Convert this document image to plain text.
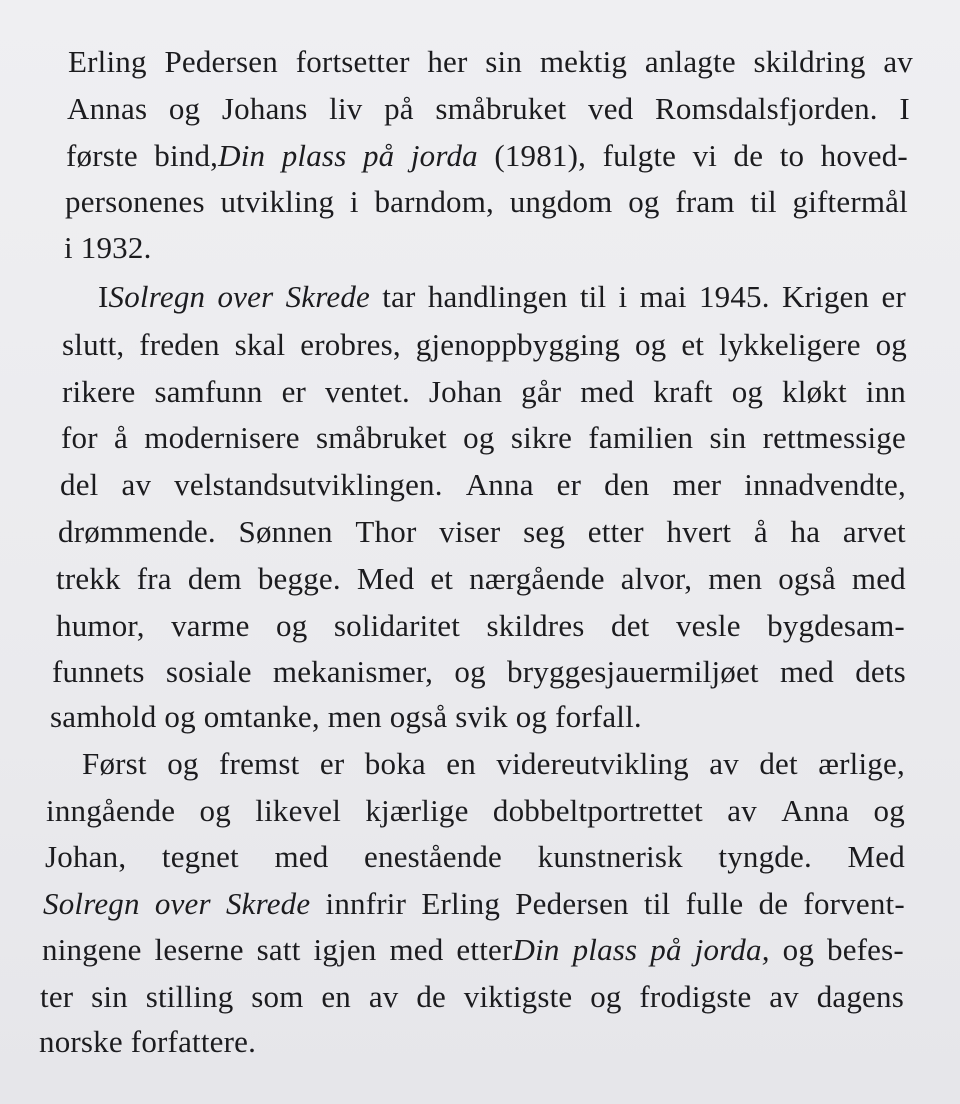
Erling Pedersen fortsetter her sin mektig anlagte skildring av
Annas og Johans liv på småbruket ved Romsdalsfjorden. I
første bind,Din plass på jorda (1981), fulgte vi de to hoved-
personenes utvikling i barndom, ungdom og fram til giftermål
i 1932.
ISolregn over Skrede tar handlingen til i mai 1945. Krigen er
slutt, freden skal erobres, gjenoppbygging og et lykkeligere og
rikere samfunn er ventet. Johan går med kraft og kløkt inn
for å modernisere småbruket og sikre familien sin rettmessige
del av velstandsutviklingen. Anna er den mer innadvendte,
drømmende. Sønnen Thor viser seg etter hvert å ha arvet
trekk fra dem begge. Med et nærgående alvor, men også med
humor, varme og solidaritet skildres det vesle bygdesam-
funnets sosiale mekanismer, og bryggesjauermiljøet med dets
samhold og omtanke, men også svik og forfall.
Først og fremst er boka en videreutvikling av det ærlige,
inngående og likevel kjærlige dobbeltportrettet av Anna og
Johan, tegnet med enestående kunstnerisk tyngde. Med
Solregn over Skrede innfrir Erling Pedersen til fulle de forvent-
ningene leserne satt igjen med etterDin plass på jorda, og befes-
ter sin stilling som en av de viktigste og frodigste av dagens
norske forfattere.
